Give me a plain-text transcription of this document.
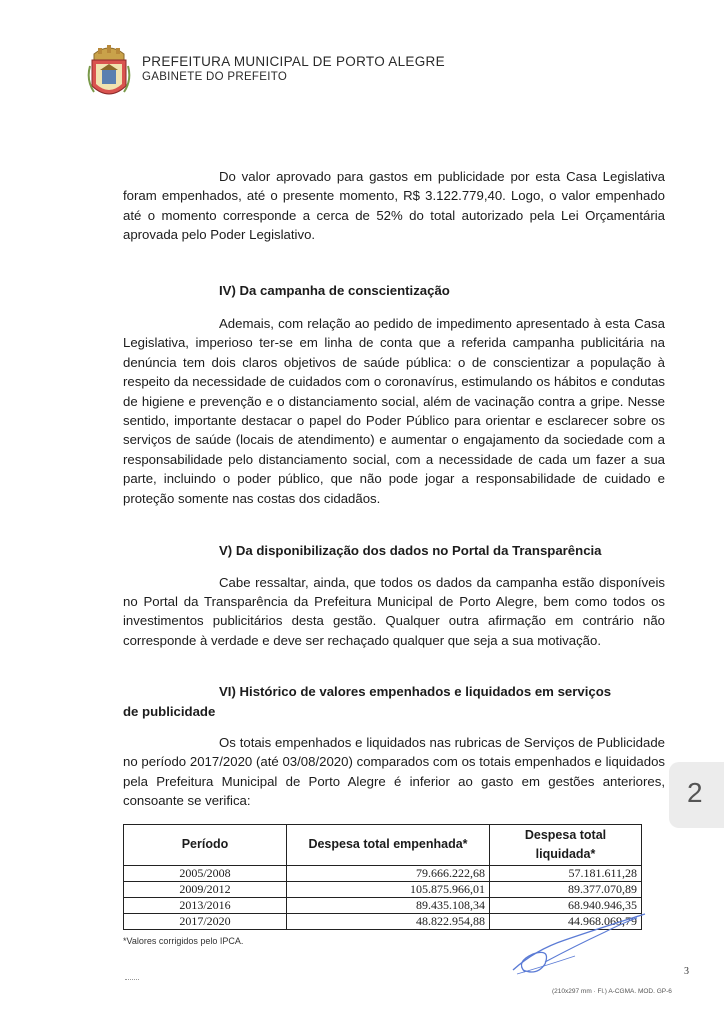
PREFEITURA MUNICIPAL DE PORTO ALEGRE
GABINETE DO PREFEITO

Do valor aprovado para gastos em publicidade por esta Casa Legislativa foram empenhados, até o presente momento, R$ 3.122.779,40. Logo, o valor empenhado até o momento corresponde a cerca de 52% do total autorizado pela Lei Orçamentária aprovada pelo Poder Legislativo.

IV) Da campanha de conscientização

Ademais, com relação ao pedido de impedimento apresentado à esta Casa Legislativa, imperioso ter-se em linha de conta que a referida campanha publicitária na denúncia tem dois claros objetivos de saúde pública: o de conscientizar a população à respeito da necessidade de cuidados com o coronavírus, estimulando os hábitos e condutas de higiene e prevenção e o distanciamento social, além de vacinação contra a gripe. Nesse sentido, importante destacar o papel do Poder Público para orientar e esclarecer sobre os serviços de saúde (locais de atendimento) e aumentar o engajamento da sociedade com a responsabilidade pelo distanciamento social, com a necessidade de cada um fazer a sua parte, incluindo o poder público, que não pode jogar a responsabilidade de cuidado e proteção somente nas costas dos cidadãos.

V) Da disponibilização dos dados no Portal da Transparência

Cabe ressaltar, ainda, que todos os dados da campanha estão disponíveis no Portal da Transparência da Prefeitura Municipal de Porto Alegre, bem como todos os investimentos publicitários desta gestão. Qualquer outra afirmação em contrário não corresponde à verdade e deve ser rechaçado qualquer que seja a sua motivação.

VI) Histórico de valores empenhados e liquidados em serviços
de publicidade

Os totais empenhados e liquidados nas rubricas de Serviços de Publicidade no período 2017/2020 (até 03/08/2020) comparados com os totais empenhados e liquidados pela Prefeitura Municipal de Porto Alegre é inferior ao gasto em gestões anteriores, consoante se verifica:

Período	Despesa total empenhada*	Despesa total liquidada*
2005/2008	79.666.222,68	57.181.611,28
2009/2012	105.875.966,01	89.377.070,89
2013/2016	89.435.108,34	68.940.946,35
2017/2020	48.822.954,88	44.968.069,79
*Valores corrigidos pelo IPCA.
2
3
(210x297 mm · Fl.) A-CGMA. MOD. GP-6
